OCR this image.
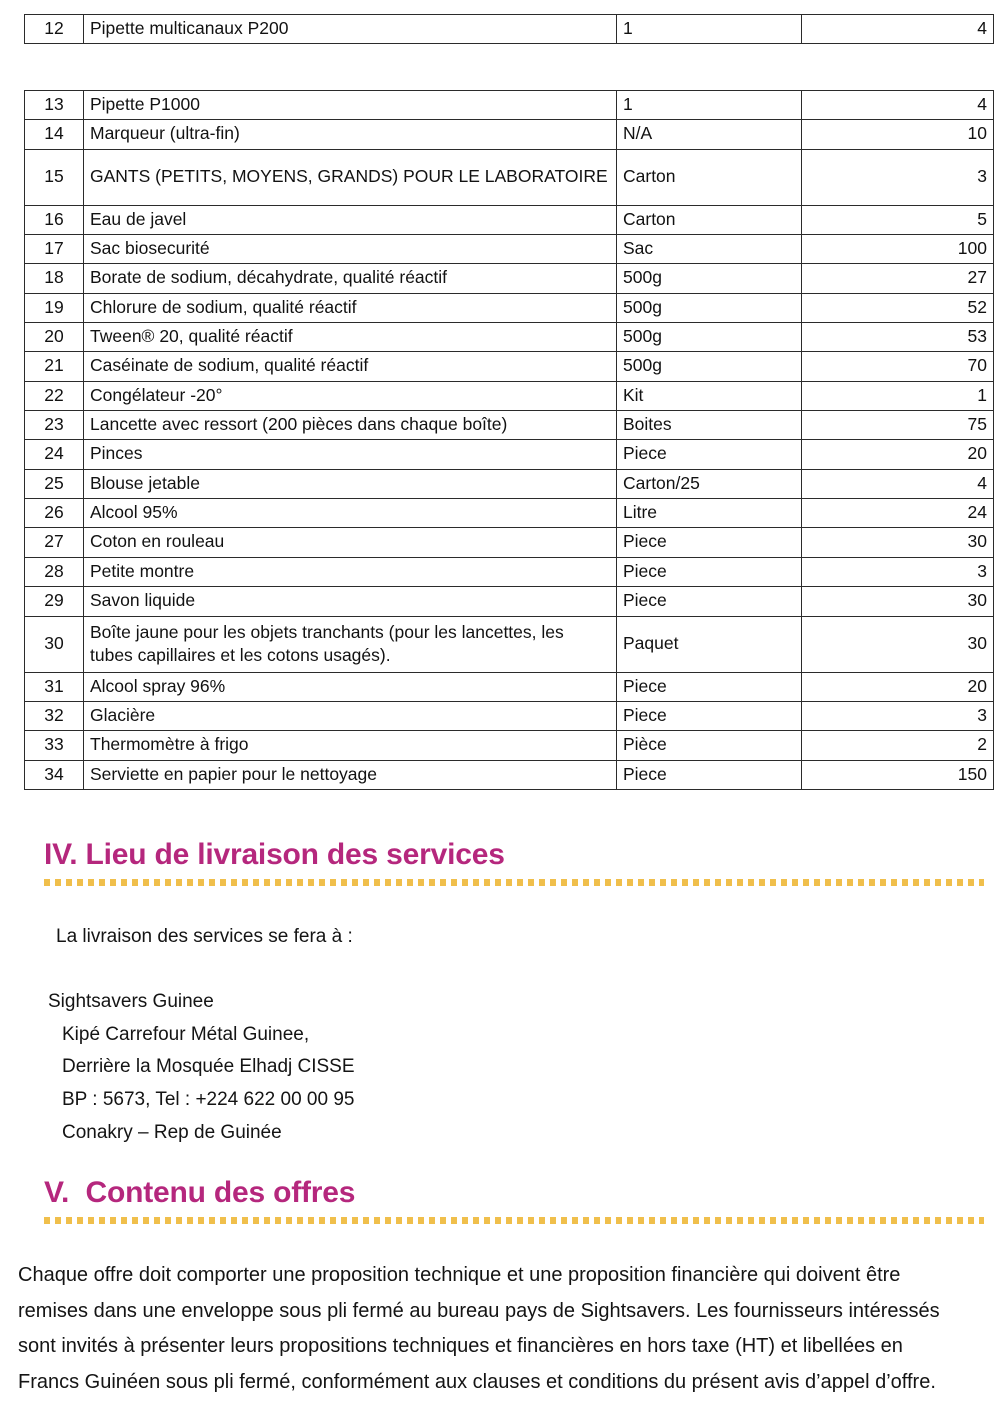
12	Pipette multicanaux P200	1	4
13	Pipette P1000	1	4
14	Marqueur (ultra-fin)	N/A	10
15	GANTS (PETITS, MOYENS, GRANDS) POUR LE LABORATOIRE	Carton	3
16	Eau de javel	Carton	5
17	Sac biosecurité	Sac	100
18	Borate de sodium, décahydrate, qualité réactif	500g	27
19	Chlorure de sodium, qualité réactif	500g	52
20	Tween® 20, qualité réactif	500g	53
21	Caséinate de sodium, qualité réactif	500g	70
22	Congélateur -20°	Kit	1
23	Lancette avec ressort (200 pièces dans chaque boîte)	Boites	75
24	Pinces	Piece	20
25	Blouse jetable	Carton/25	4
26	Alcool 95%	Litre	24
27	Coton en rouleau	Piece	30
28	Petite montre	Piece	3
29	Savon liquide	Piece	30
30	Boîte jaune pour les objets tranchants (pour les lancettes, les tubes capillaires et les cotons usagés).	Paquet	30
31	Alcool spray 96%	Piece	20
32	Glacière	Piece	3
33	Thermomètre à frigo	Pièce	2
34	Serviette en papier pour le nettoyage	Piece	150
IV. Lieu de livraison des services
La livraison des services se fera à :
Sightsavers Guinee
Kipé Carrefour Métal Guinee,
Derrière la Mosquée Elhadj CISSE
BP : 5673, Tel : +224 622 00 00 95
Conakry – Rep de Guinée
V. Contenu des offres
Chaque offre doit comporter une proposition technique et une proposition financière qui doivent être
remises dans une enveloppe sous pli fermé au bureau pays de Sightsavers. Les fournisseurs intéressés
sont invités à présenter leurs propositions techniques et financières en hors taxe (HT) et libellées en
Francs Guinéen sous pli fermé, conformément aux clauses et conditions du présent avis d’appel d’offre.
